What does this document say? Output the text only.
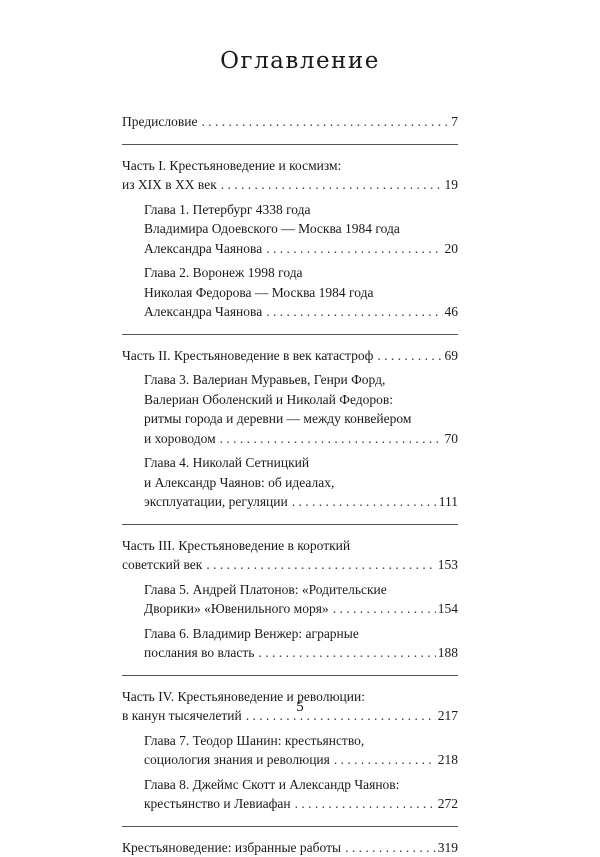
Оглавление
Предисловие . . .	7
Часть I. Крестьяноведение и космизм:
из XIX в XX век . . .	19
Глава 1. Петербург 4338 года
Владимира Одоевского — Москва 1984 года
Александра Чаянова . . .	20
Глава 2. Воронеж 1998 года
Николая Федорова — Москва 1984 года
Александра Чаянова . . .	46
Часть II. Крестьяноведение в век катастроф . . .	69
Глава 3. Валериан Муравьев, Генри Форд,
Валериан Оболенский и Николай Федоров:
ритмы города и деревни — между конвейером
и хороводом . . .	70
Глава 4. Николай Сетницкий
и Александр Чаянов: об идеалах,
эксплуатации, регуляции . . .	111
Часть III. Крестьяноведение в короткий
советский век . . .	153
Глава 5. Андрей Платонов: «Родительские
Дворики» «Ювенильного моря» . . .	154
Глава 6. Владимир Венжер: аграрные
послания во власть . . .	188
Часть IV. Крестьяноведение и революции:
в канун тысячелетий . . .	217
Глава 7. Теодор Шанин: крестьянство,
социология знания и революция . . .	218
Глава 8. Джеймс Скотт и Александр Чаянов:
крестьянство и Левиафан . . .	272
Крестьяноведение: избранные работы . . .	319
5
